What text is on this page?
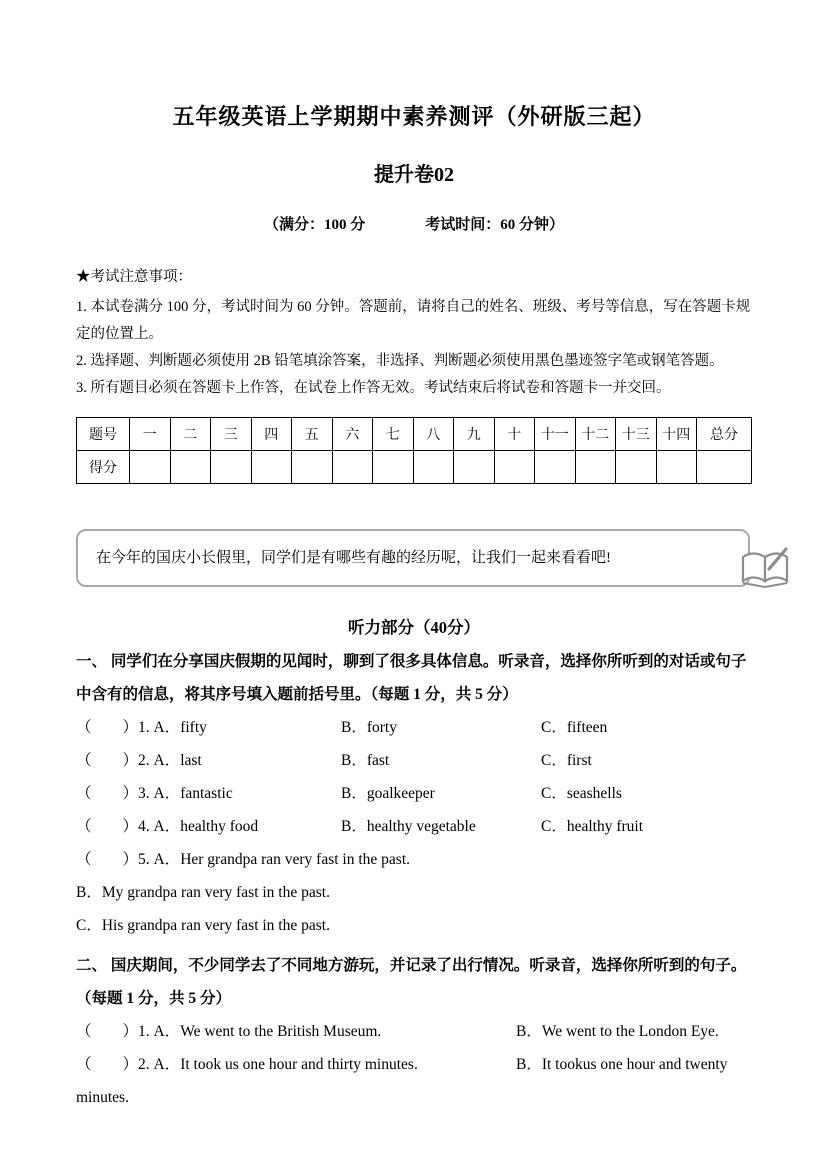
五年级英语上学期期中素养测评（外研版三起）
提升卷02
（满分：100 分　　　　考试时间：60 分钟）

★考试注意事项：

1. 本试卷满分 100 分，考试时间为 60 分钟。答题前，请将自己的姓名、班级、考号等信息，写在答题卡规定的位置上。

2. 选择题、判断题必须使用 2B 铅笔填涂答案，非选择、判断题必须使用黑色墨迹签字笔或钢笔答题。

3. 所有题目必须在答题卡上作答，在试卷上作答无效。考试结束后将试卷和答题卡一并交回。

题号	一	二	三	四	五	六	七	八	九	十	十一	十二	十三	十四	总分
得分															
在今年的国庆小长假里，同学们是有哪些有趣的经历呢，让我们一起来看看吧!
听力部分（40分）

一、 同学们在分享国庆假期的见闻时，聊到了很多具体信息。听录音，选择你所听到的对话或句子中含有的信息，将其序号填入题前括号里。（每题 1 分，共 5 分）

（　　）1. A．fifty	B．forty	C．fifteen
（　　）2. A．last	B．fast	C．first
（　　）3. A．fantastic	B．goalkeeper	C．seashells
（　　）4. A．healthy food	B．healthy vegetable	C．healthy fruit

（　　）5. A．Her grandpa ran very fast in the past.

B．My grandpa ran very fast in the past.

C．His grandpa ran very fast in the past.

二、 国庆期间，不少同学去了不同地方游玩，并记录了出行情况。听录音，选择你所听到的句子。（每题 1 分，共 5 分）

（　　）1. A．We went to the British Museum.	B．We went to the London Eye.
（　　）2. A．It took us one hour and thirty minutes.	B．It tookus one hour and twenty

minutes.
